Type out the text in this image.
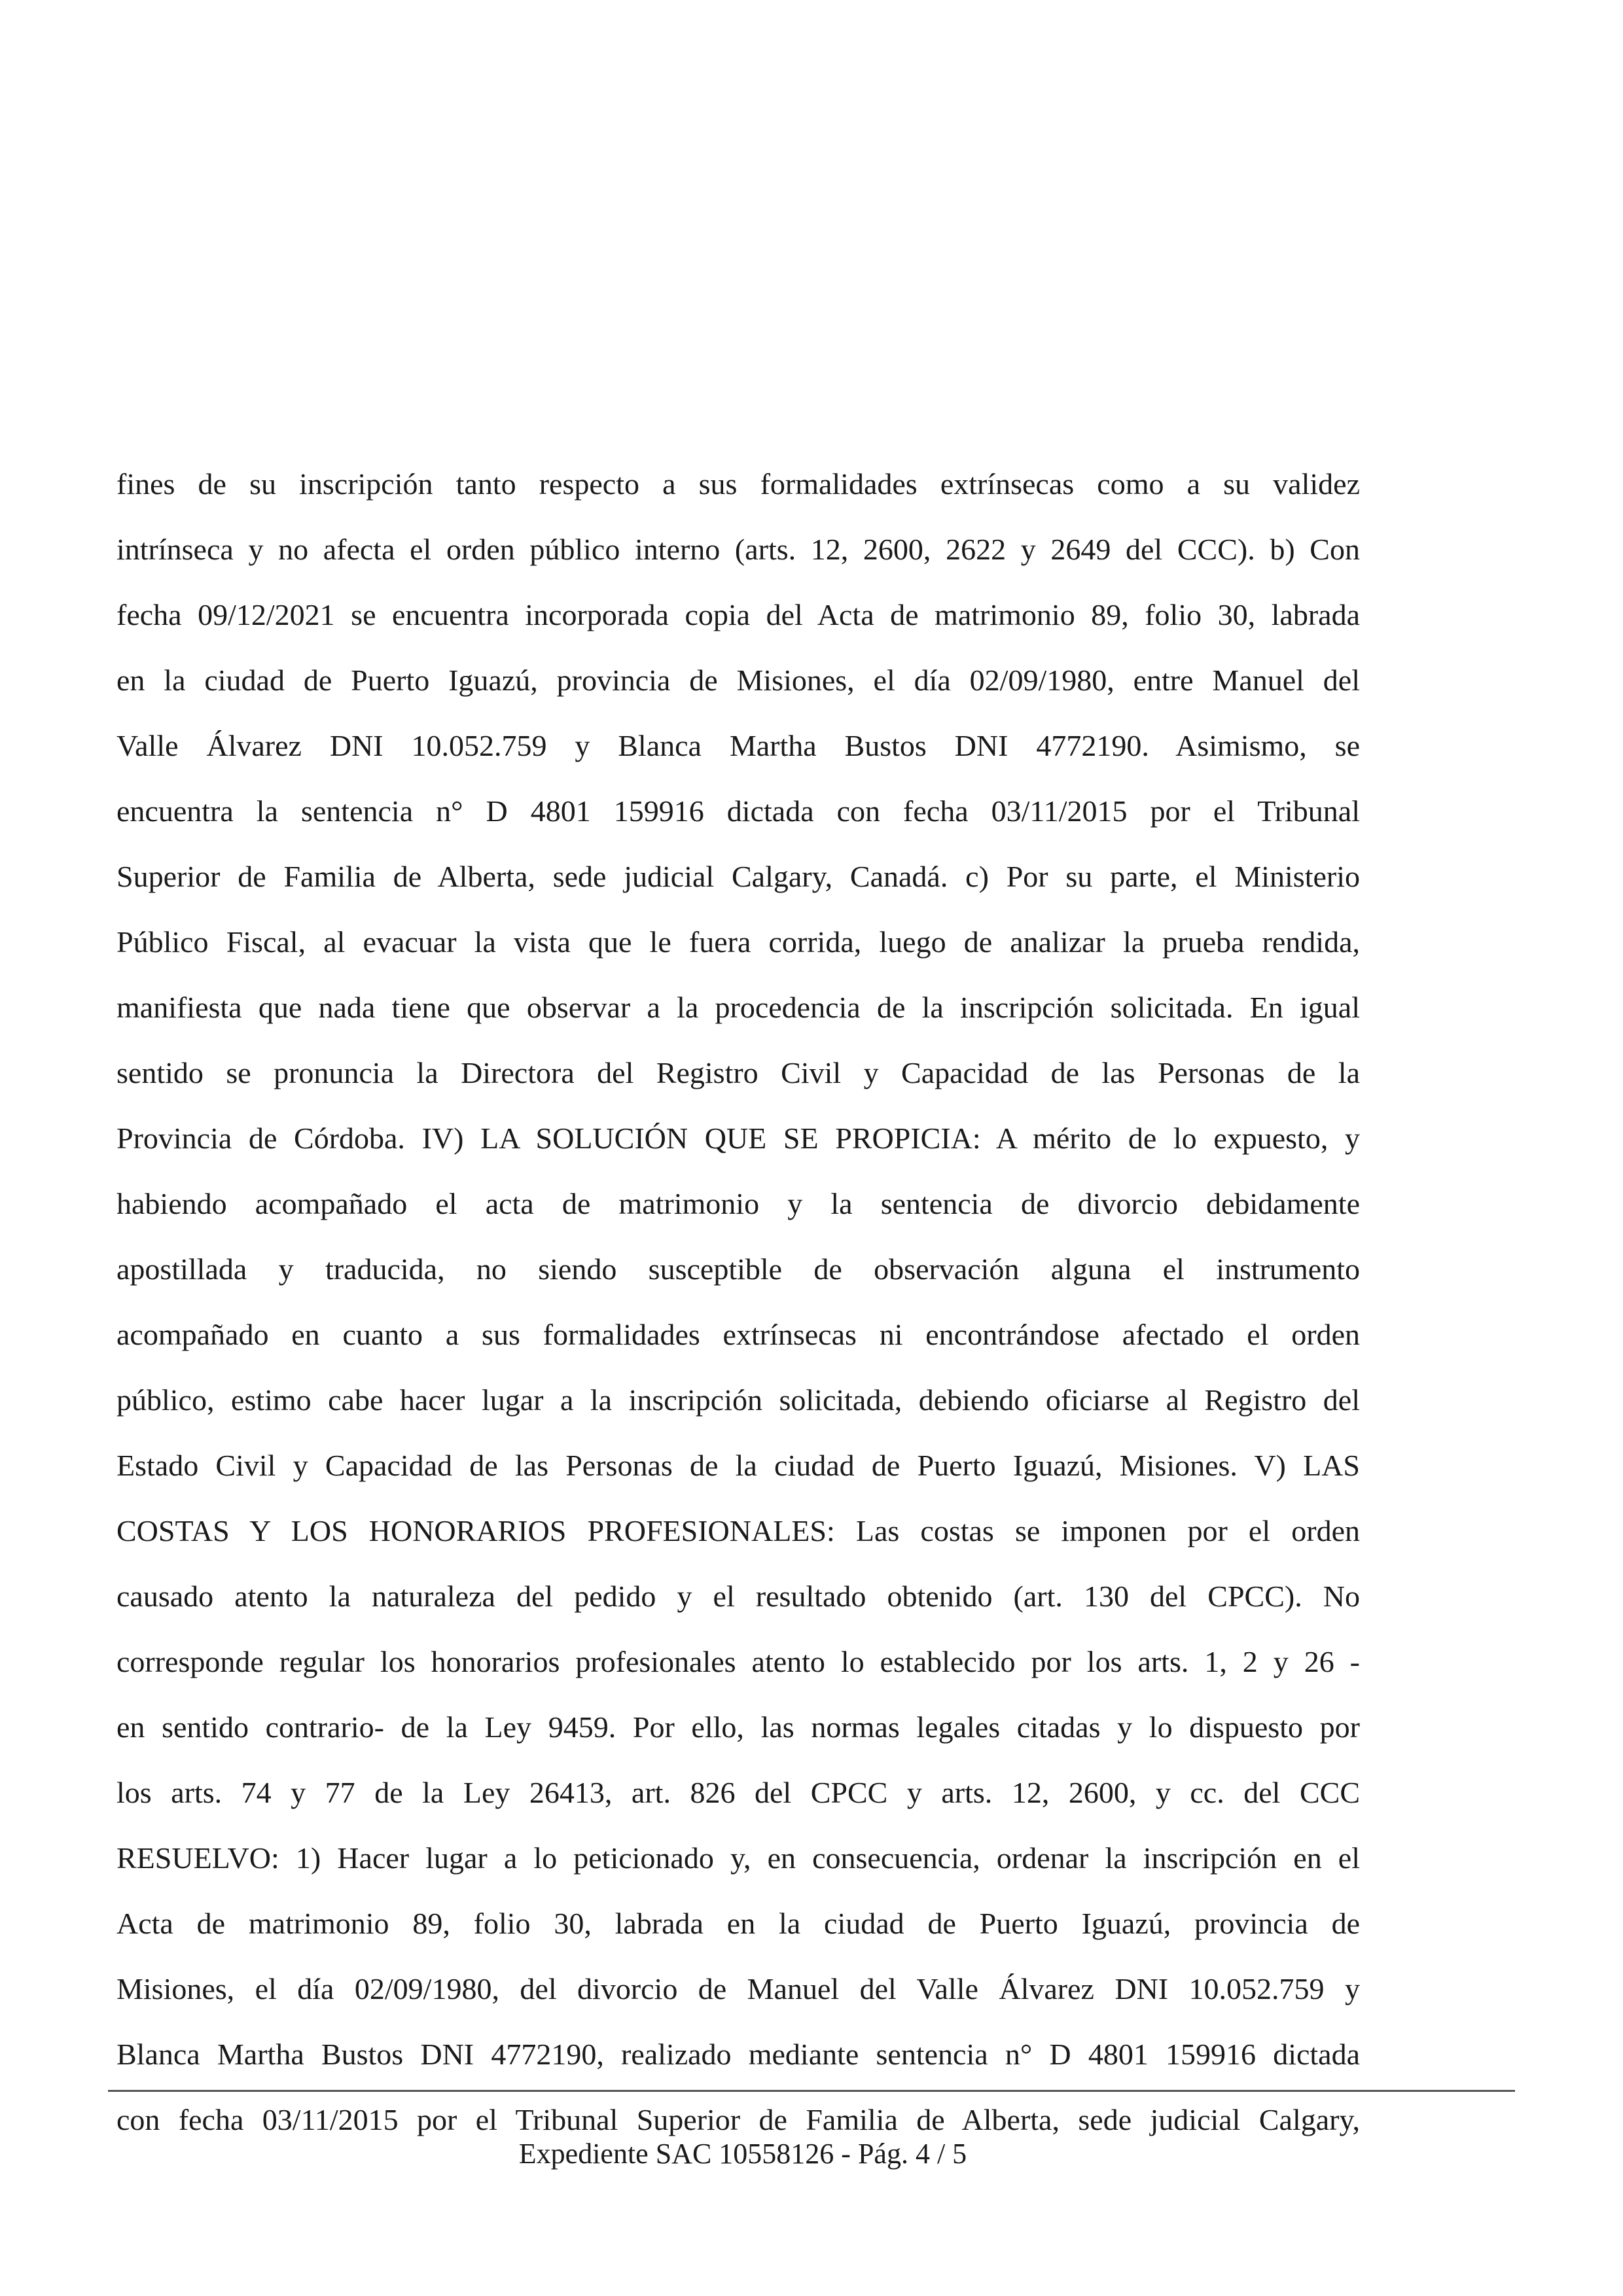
fines de su inscripción tanto respecto a sus formalidades extrínsecas como a su validez
intrínseca y no afecta el orden público interno (arts. 12, 2600, 2622 y 2649 del CCC). b) Con
fecha 09/12/2021 se encuentra incorporada copia del Acta de matrimonio 89, folio 30, labrada
en la ciudad de Puerto Iguazú, provincia de Misiones, el día 02/09/1980, entre Manuel del
Valle Álvarez DNI 10.052.759 y Blanca Martha Bustos DNI 4772190. Asimismo, se
encuentra la sentencia n° D 4801 159916 dictada con fecha 03/11/2015 por el Tribunal
Superior de Familia de Alberta, sede judicial Calgary, Canadá. c) Por su parte, el Ministerio
Público Fiscal, al evacuar la vista que le fuera corrida, luego de analizar la prueba rendida,
manifiesta que nada tiene que observar a la procedencia de la inscripción solicitada. En igual
sentido se pronuncia la Directora del Registro Civil y Capacidad de las Personas de la
Provincia de Córdoba. IV) LA SOLUCIÓN QUE SE PROPICIA: A mérito de lo expuesto, y
habiendo acompañado el acta de matrimonio y la sentencia de divorcio debidamente
apostillada y traducida, no siendo susceptible de observación alguna el instrumento
acompañado en cuanto a sus formalidades extrínsecas ni encontrándose afectado el orden
público, estimo cabe hacer lugar a la inscripción solicitada, debiendo oficiarse al Registro del
Estado Civil y Capacidad de las Personas de la ciudad de Puerto Iguazú, Misiones. V) LAS
COSTAS Y LOS HONORARIOS PROFESIONALES: Las costas se imponen por el orden
causado atento la naturaleza del pedido y el resultado obtenido (art. 130 del CPCC). No
corresponde regular los honorarios profesionales atento lo establecido por los arts. 1, 2 y 26 -
en sentido contrario- de la Ley 9459. Por ello, las normas legales citadas y lo dispuesto por
los arts. 74 y 77 de la Ley 26413, art. 826 del CPCC y arts. 12, 2600, y cc. del CCC
RESUELVO: 1) Hacer lugar a lo peticionado y, en consecuencia, ordenar la inscripción en el
Acta de matrimonio 89, folio 30, labrada en la ciudad de Puerto Iguazú, provincia de
Misiones, el día 02/09/1980, del divorcio de Manuel del Valle Álvarez DNI 10.052.759 y
Blanca Martha Bustos DNI 4772190, realizado mediante sentencia n° D 4801 159916 dictada
con fecha 03/11/2015 por el Tribunal Superior de Familia de Alberta, sede judicial Calgary,
Expediente SAC 10558126 - Pág. 4 / 5
